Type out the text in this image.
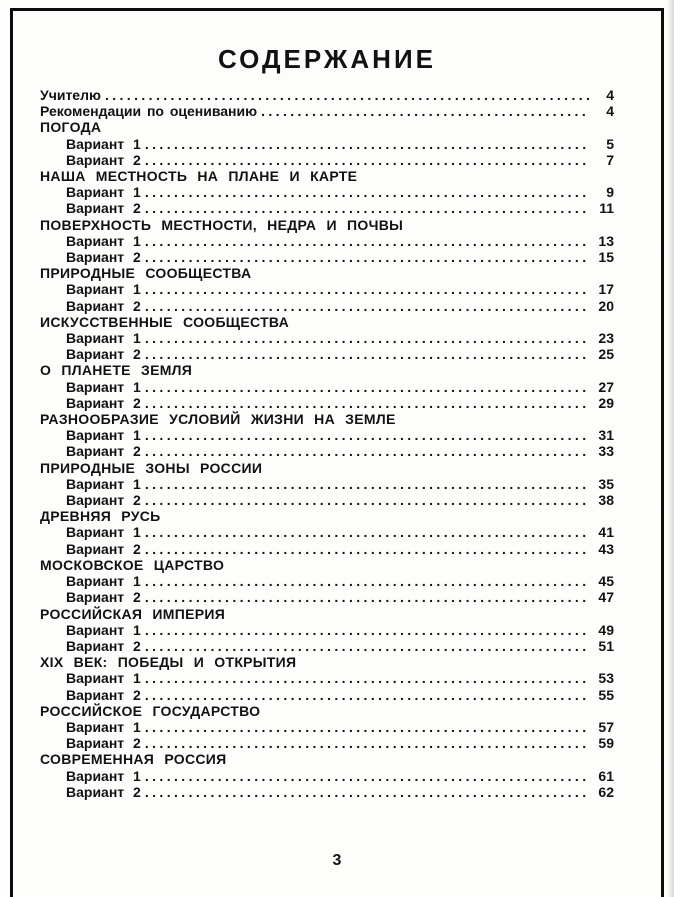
СОДЕРЖАНИЕ
Учителю .....	4
Рекомендации по оцениванию .....	4
ПОГОДА
Вариант 1 .....	5
Вариант 2 .....	7
НАША МЕСТНОСТЬ НА ПЛАНЕ И КАРТЕ
Вариант 1 .....	9
Вариант 2 .....	11
ПОВЕРХНОСТЬ МЕСТНОСТИ, НЕДРА И ПОЧВЫ
Вариант 1 .....	13
Вариант 2 .....	15
ПРИРОДНЫЕ СООБЩЕСТВА
Вариант 1 .....	17
Вариант 2 .....	20
ИСКУССТВЕННЫЕ СООБЩЕСТВА
Вариант 1 .....	23
Вариант 2 .....	25
О ПЛАНЕТЕ ЗЕМЛЯ
Вариант 1 .....	27
Вариант 2 .....	29
РАЗНООБРАЗИЕ УСЛОВИЙ ЖИЗНИ НА ЗЕМЛЕ
Вариант 1 .....	31
Вариант 2 .....	33
ПРИРОДНЫЕ ЗОНЫ РОССИИ
Вариант 1 .....	35
Вариант 2 .....	38
ДРЕВНЯЯ РУСЬ
Вариант 1 .....	41
Вариант 2 .....	43
МОСКОВСКОЕ ЦАРСТВО
Вариант 1 .....	45
Вариант 2 .....	47
РОССИЙСКАЯ ИМПЕРИЯ
Вариант 1 .....	49
Вариант 2 .....	51
XIX ВЕК: ПОБЕДЫ И ОТКРЫТИЯ
Вариант 1 .....	53
Вариант 2 .....	55
РОССИЙСКОЕ ГОСУДАРСТВО
Вариант 1 .....	57
Вариант 2 .....	59
СОВРЕМЕННАЯ РОССИЯ
Вариант 1 .....	61
Вариант 2 .....	62
3
